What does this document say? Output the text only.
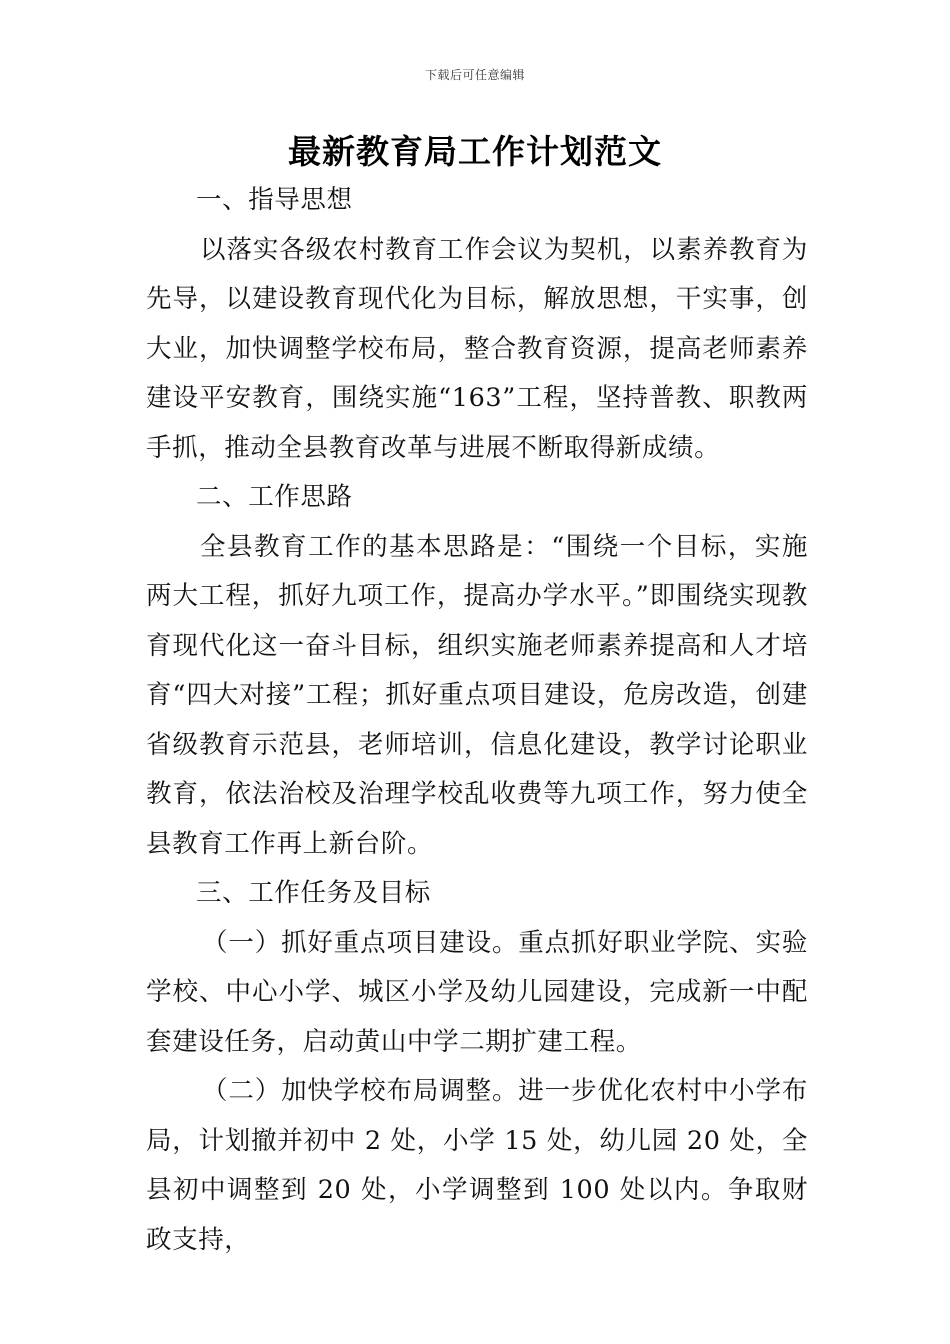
下载后可任意编辑
最新教育局工作计划范文

一、指导思想

以落实各级农村教育工作会议为契机，以素养教育为先导，以建设教育现代化为目标，解放思想，干实事，创大业，加快调整学校布局，整合教育资源，提高老师素养建设平安教育，围绕实施“163”工程，坚持普教、职教两手抓，推动全县教育改革与进展不断取得新成绩。

二、工作思路

全县教育工作的基本思路是：“围绕一个目标，实施两大工程，抓好九项工作，提高办学水平。”即围绕实现教育现代化这一奋斗目标，组织实施老师素养提高和人才培育“四大对接”工程；抓好重点项目建设，危房改造，创建省级教育示范县，老师培训，信息化建设，教学讨论职业教育，依法治校及治理学校乱收费等九项工作，努力使全县教育工作再上新台阶。

三、工作任务及目标

（一）抓好重点项目建设。重点抓好职业学院、实验学校、中心小学、城区小学及幼儿园建设，完成新一中配套建设任务，启动黄山中学二期扩建工程。

（二）加快学校布局调整。进一步优化农村中小学布局，计划撤并初中 2 处，小学 15 处，幼儿园 20 处，全县初中调整到 20 处，小学调整到 100 处以内。争取财政支持，
